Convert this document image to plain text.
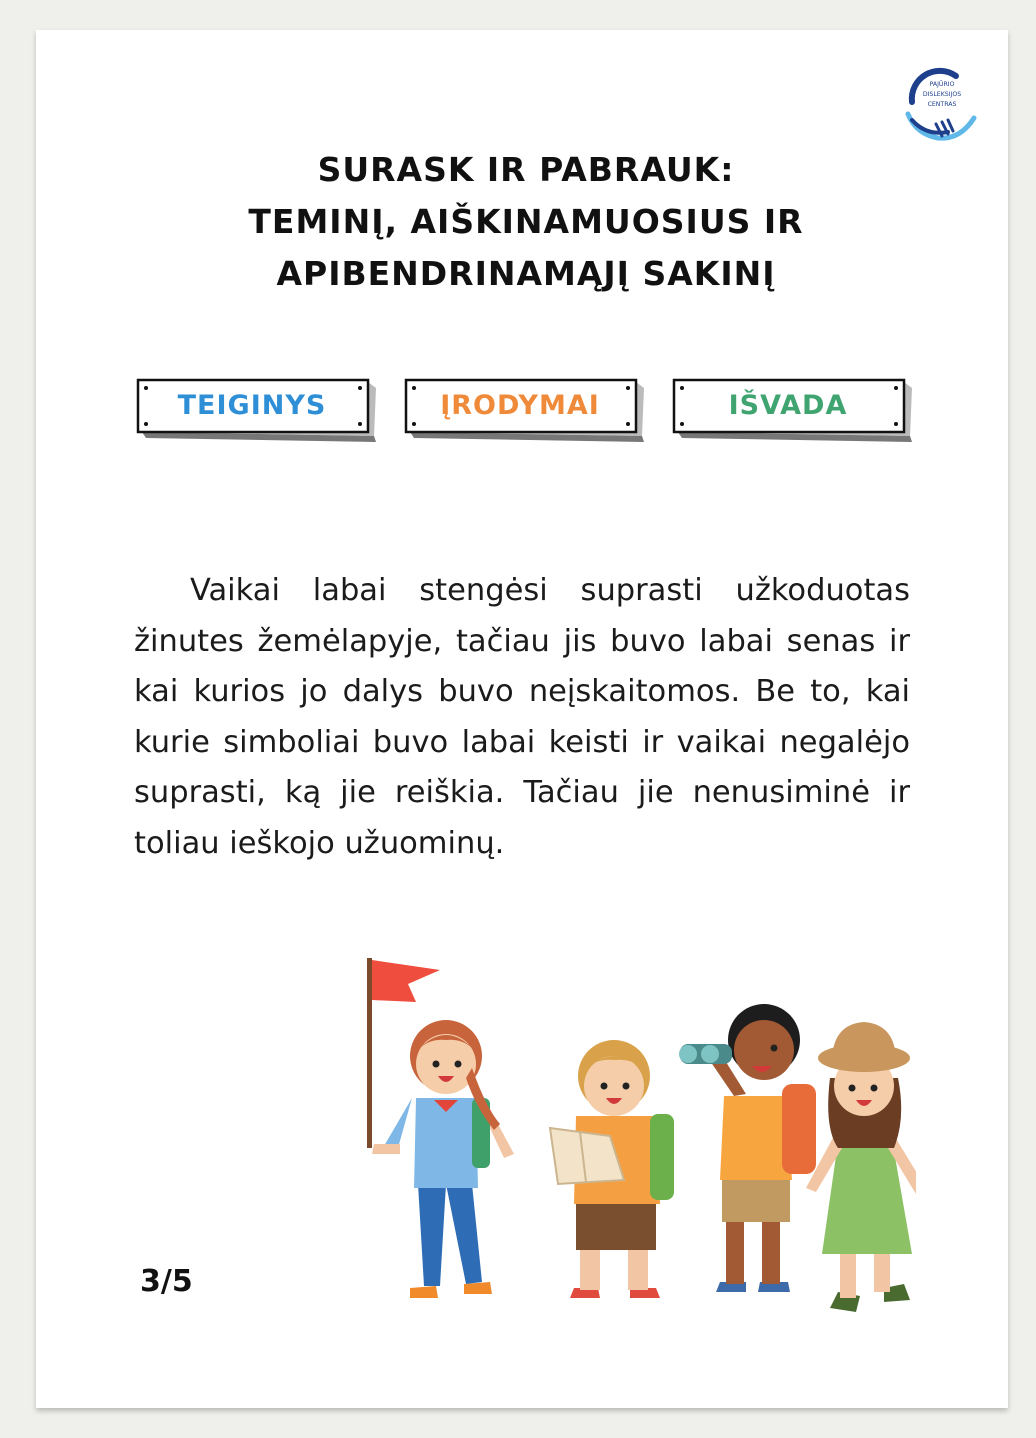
PAJŪRIO
DISLEKSIJOS
CENTRAS
SURASK IR PABRAUK:
TEMINĮ, AIŠKINAMUOSIUS IR
APIBENDRINAMĄJĮ SAKINĮ
TEIGINYS	ĮRODYMAI	IŠVADA

Vaikai labai stengėsi suprasti užkoduotas žinutes žemėlapyje, tačiau jis buvo labai senas ir kai kurios jo dalys buvo neįskaitomos. Be to, kai kurie simboliai buvo labai keisti ir vaikai negalėjo suprasti, ką jie reiškia. Tačiau jie nenusiminė ir toliau ieškojo užuominų.

3/5
